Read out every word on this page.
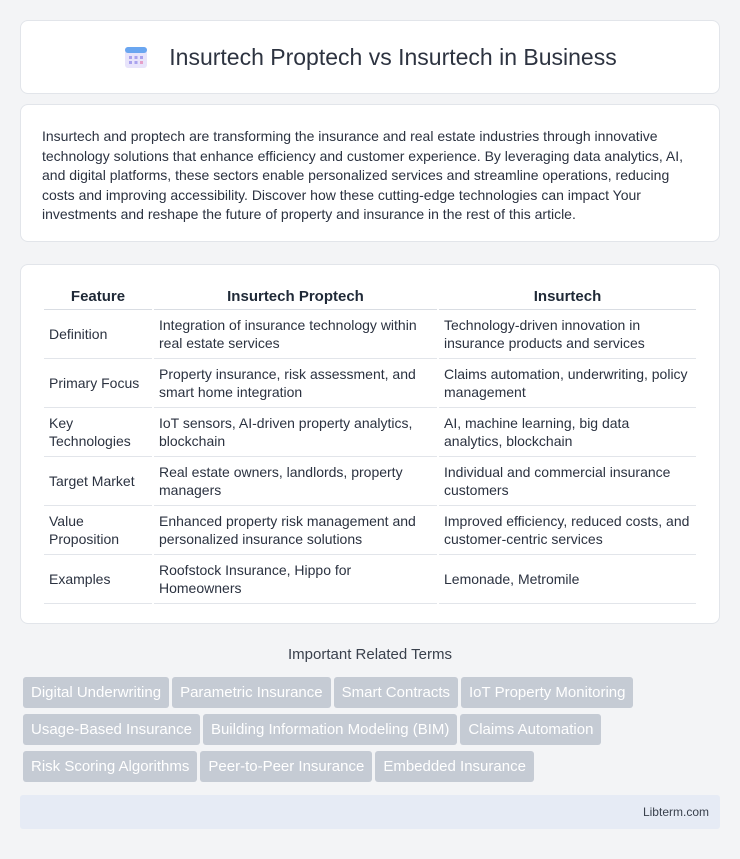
Insurtech Proptech vs Insurtech in Business

Insurtech and proptech are transforming the insurance and real estate industries through innovative technology solutions that enhance efficiency and customer experience. By leveraging data analytics, AI, and digital platforms, these sectors enable personalized services and streamline operations, reducing costs and improving accessibility. Discover how these cutting-edge technologies can impact Your investments and reshape the future of property and insurance in the rest of this article.

Feature	Insurtech Proptech	Insurtech
Definition	Integration of insurance technology within real estate services	Technology-driven innovation in insurance products and services
Primary Focus	Property insurance, risk assessment, and smart home integration	Claims automation, underwriting, policy management
Key Technologies	IoT sensors, AI-driven property analytics, blockchain	AI, machine learning, big data analytics, blockchain
Target Market	Real estate owners, landlords, property managers	Individual and commercial insurance customers
Value Proposition	Enhanced property risk management and personalized insurance solutions	Improved efficiency, reduced costs, and customer-centric services
Examples	Roofstock Insurance, Hippo for Homeowners	Lemonade, Metromile
Important Related Terms
Digital Underwriting Parametric Insurance Smart Contracts IoT Property Monitoring
Usage-Based Insurance Building Information Modeling (BIM) Claims Automation
Risk Scoring Algorithms Peer-to-Peer Insurance Embedded Insurance
Libterm.com
